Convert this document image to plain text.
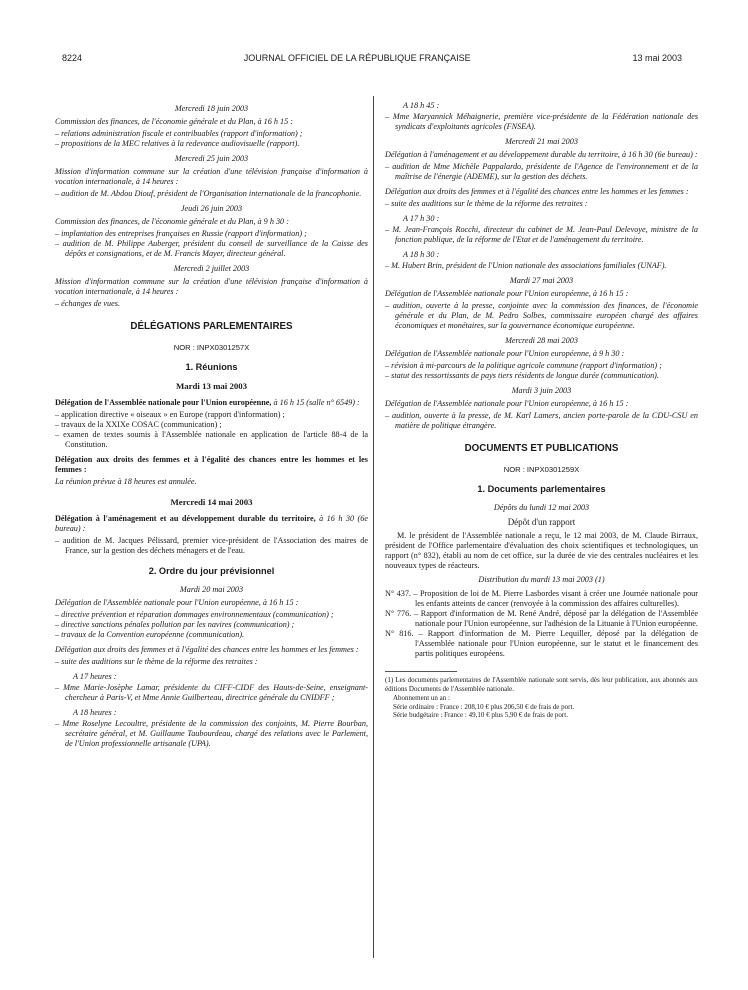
8224	JOURNAL OFFICIEL DE LA RÉPUBLIQUE FRANÇAISE	13 mai 2003
Mercredi 18 juin 2003

Commission des finances, de l'économie générale et du Plan, à 16 h 15 :

– relations administration fiscale et contribuables (rapport d'information) ;
– propositions de la MEC relatives à la redevance audiovisuelle (rapport).
Mercredi 25 juin 2003

Mission d'information commune sur la création d'une télévision française d'information à vocation internationale, à 14 heures :

– audition de M. Abdou Diouf, président de l'Organisation internationale de la francophonie.
Jeudi 26 juin 2003

Commission des finances, de l'économie générale et du Plan, à 9 h 30 :

– implantation des entreprises françaises en Russie (rapport d'information) ;
– audition de M. Philippe Auberger, président du conseil de surveillance de la Caisse des dépôts et consignations, et de M. Francis Mayer, directeur général.
Mercredi 2 juillet 2003

Mission d'information commune sur la création d'une télévision française d'information à vocation internationale, à 14 heures :

– échanges de vues.
DÉLÉGATIONS PARLEMENTAIRES
NOR : INPX0301257X
1. Réunions
Mardi 13 mai 2003

Délégation de l'Assemblée nationale pour l'Union européenne, à 16 h 15 (salle n° 6549) :

– application directive « oiseaux » en Europe (rapport d'information) ;
– travaux de la XXIXe COSAC (communication) ;
– examen de textes soumis à l'Assemblée nationale en application de l'article 88-4 de la Constitution.

Délégation aux droits des femmes et à l'égalité des chances entre les hommes et les femmes :

La réunion prévue à 18 heures est annulée.

Mercredi 14 mai 2003

Délégation à l'aménagement et au développement durable du territoire, à 16 h 30 (6e bureau) :

– audition de M. Jacques Pélissard, premier vice-président de l'Association des maires de France, sur la gestion des déchets ménagers et de l'eau.
2. Ordre du jour prévisionnel
Mardi 20 mai 2003

Délégation de l'Assemblée nationale pour l'Union européenne, à 16 h 15 :

– directive prévention et réparation dommages environnementaux (communication) ;
– directive sanctions pénales pollution par les navires (communication) ;
– travaux de la Convention européenne (communication).

Délégation aux droits des femmes et à l'égalité des chances entre les hommes et les femmes :

– suite des auditions sur le thème de la réforme des retraites :
A 17 heures :
– Mme Marie-Josèphe Lamar, présidente du CIFF-CIDF des Hauts-de-Seine, enseignant-chercheur à Paris-V, et Mme Annie Guilberteau, directrice générale du CNIDFF ;
A 18 heures :
– Mme Roselyne Lecoultre, présidente de la commission des conjoints, M. Pierre Bourban, secrétaire général, et M. Guillaume Taubourdeau, chargé des relations avec le Parlement, de l'Union professionnelle artisanale (UPA).
A 18 h 45 :
– Mme Maryannick Méhaignerie, première vice-présidente de la Fédération nationale des syndicats d'exploitants agricoles (FNSEA).
Mercredi 21 mai 2003

Délégation à l'aménagement et au développement durable du territoire, à 16 h 30 (6e bureau) :

– audition de Mme Michèle Pappalardo, présidente de l'Agence de l'environnement et de la maîtrise de l'énergie (ADEME), sur la gestion des déchets.

Délégation aux droits des femmes et à l'égalité des chances entre les hommes et les femmes :

– suite des auditions sur le thème de la réforme des retraites :
A 17 h 30 :
– M. Jean-François Rocchi, directeur du cabinet de M. Jean-Paul Delevoye, ministre de la fonction publique, de la réforme de l'Etat et de l'aménagement du territoire.
A 18 h 30 :
– M. Hubert Brin, président de l'Union nationale des associations familiales (UNAF).
Mardi 27 mai 2003

Délégation de l'Assemblée nationale pour l'Union européenne, à 16 h 15 :

– audition, ouverte à la presse, conjointe avec la commission des finances, de l'économie générale et du Plan, de M. Pedro Solbes, commissaire européen chargé des affaires économiques et monétaires, sur la gouvernance économique européenne.
Mercredi 28 mai 2003

Délégation de l'Assemblée nationale pour l'Union européenne, à 9 h 30 :

– révision à mi-parcours de la politique agricole commune (rapport d'information) ;
– statut des ressortissants de pays tiers résidents de longue durée (communication).
Mardi 3 juin 2003

Délégation de l'Assemblée nationale pour l'Union européenne, à 16 h 15 :

– audition, ouverte à la presse, de M. Karl Lamers, ancien porte-parole de la CDU-CSU en matière de politique étrangère.
DOCUMENTS ET PUBLICATIONS
NOR : INPX0301259X
1. Documents parlementaires
Dépôts du lundi 12 mai 2003
Dépôt d'un rapport

M. le président de l'Assemblée nationale a reçu, le 12 mai 2003, de M. Claude Birraux, président de l'Office parlementaire d'évaluation des choix scientifiques et technologiques, un rapport (n° 832), établi au nom de cet office, sur la durée de vie des centrales nucléaires et les nouveaux types de réacteurs.

Distribution du mardi 13 mai 2003 (1)
N° 437. – Proposition de loi de M. Pierre Lasbordes visant à créer une Journée nationale pour les enfants atteints de cancer (renvoyée à la commission des affaires culturelles).
N° 776. – Rapport d'information de M. René André, déposé par la délégation de l'Assemblée nationale pour l'Union européenne, sur l'adhésion de la Lituanie à l'Union européenne.
N° 816. – Rapport d'information de M. Pierre Lequiller, déposé par la délégation de l'Assemblée nationale pour l'Union européenne, sur le statut et le financement des partis politiques européens.

(1) Les documents parlementaires de l'Assemblée nationale sont servis, dès leur publication, aux abonnés aux éditions Documents de l'Assemblée nationale.

Abonnement un an :

Série ordinaire : France : 208,10 € plus 206,50 € de frais de port.

Série budgétaire : France : 49,10 € plus 5,90 € de frais de port.
